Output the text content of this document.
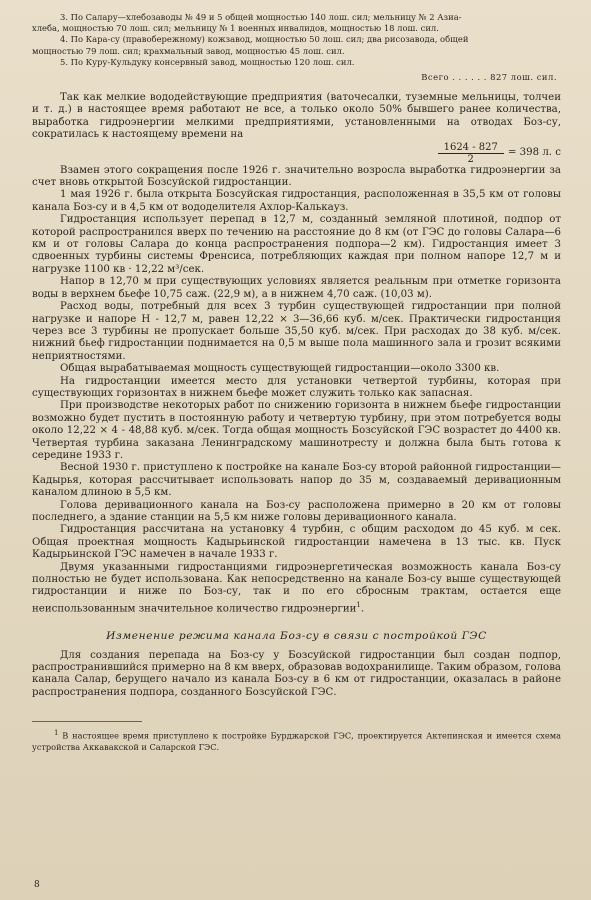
3. По Салару—хлебозаводы № 49 и 5 общей мощностью 140 лош. сил; мельницу № 2 Азиа-

хлеба, мощностью 70 лош. сил; мельницу № 1 военных инвалидов, мощностью 18 лош. сил.

4. По Кара-су (правобережному) кожзавод, мощностью 50 лош. сил; два рисозавода, общей

мощностью 79 лош. сил; крахмальный завод, мощностью 45 лош. сил.

5. По Куру-Кульдуку консервный завод, мощностью 120 лош. сил.

Всего . . . . . . 827 лош. сил.

Так как мелкие вододействующие предприятия (ваточесалки, туземные мельницы, толчеи и т. д.) в настоящее время работают не все, а только около 50% бывшего ранее количества, выработка гидроэнергии мелкими предприятиями, установленными на отводах Боз-су, сократилась к настоящему времени на

$\frac{1624 - 827}{2} = 398$ л. с

Взамен этого сокращения после 1926 г. значительно возросла выработка гидроэнергии за счет вновь открытой Бозсуйской гидростанции.

1 мая 1926 г. была открыта Бозсуйская гидростанция, расположенная в 35,5 км от головы канала Боз-су и в 4,5 км от вододелителя Ахлор-Калькауз.

Гидростанция использует перепад в 12,7 м, созданный земляной плотиной, подпор от которой распространился вверх по течению на расстояние до 8 км (от ГЭС до головы Салара—6 км и от головы Салара до конца распространения подпора—2 км). Гидростанция имеет 3 сдвоенных турбины системы Френсиса, потребляющих каждая при полном напоре 12,7 м и нагрузке 1100 кв · 12,22 м³/сек.

Напор в 12,70 м при существующих условиях является реальным при отметке горизонта воды в верхнем бьефе 10,75 саж. (22,9 м), а в нижнем 4,70 саж. (10,03 м).

Расход воды, потребный для всех 3 турбин существующей гидростанции при полной нагрузке и напоре Н - 12,7 м, равен 12,22 × 3—36,66 куб. м/сек. Практически гидростанция через все 3 турбины не пропускает больше 35,50 куб. м/сек. При расходах до 38 куб. м/сек. нижний бьеф гидростанции поднимается на 0,5 м выше пола машинного зала и грозит всякими неприятностями.

Общая вырабатываемая мощность существующей гидростанции—около 3300 кв.

На гидростанции имеется место для установки четвертой турбины, которая при существующих горизонтах в нижнем бьефе может служить только как запасная.

При производстве некоторых работ по снижению горизонта в нижнем бьефе гидростанции возможно будет пустить в постоянную работу и четвертую турбину, при этом потребуется воды около 12,22 × 4 - 48,88 куб. м/сек. Тогда общая мощность Бозсуйской ГЭС возрастет до 4400 кв. Четвертая турбина заказана Ленинградскому машинотресту и должна была быть готова к середине 1933 г.

Весной 1930 г. приступлено к постройке на канале Боз-су второй районной гидростанции—Кадырья, которая рассчитывает использовать напор до 35 м, создаваемый деривационным каналом длиною в 5,5 км.

Голова деривационного канала на Боз-су расположена примерно в 20 км от головы последнего, а здание станции на 5,5 км ниже головы деривационного канала.

Гидростанция рассчитана на установку 4 турбин, с общим расходом до 45 куб. м сек. Общая проектная мощность Кадырьинской гидростанции намечена в 13 тыс. кв. Пуск Кадырьинской ГЭС намечен в начале 1933 г.

Двумя указанными гидростанциями гидроэнергетическая возможность канала Боз-су полностью не будет использована. Как непосредственно на канале Боз-су выше существующей гидростанции и ниже по Боз-су, так и по его сбросным трактам, остается еще неиспользованным значительное количество гидроэнергии$^1$.

Изменение режима канала Боз-су в связи с постройкой ГЭС

Для создания перепада на Боз-су у Бозсуйской гидростанции был создан подпор, распространившийся примерно на 8 км вверх, образовав водохранилище. Таким образом, голова канала Салар, берущего начало из канала Боз-су в 6 км от гидростанции, оказалась в районе распространения подпора, созданного Бозсуйской ГЭС.

$^1$ В настоящее время приступлено к постройке Бурджарской ГЭС, проектируется Актепинская и имеется схема устройства Аккавакской и Саларской ГЭС.

8
